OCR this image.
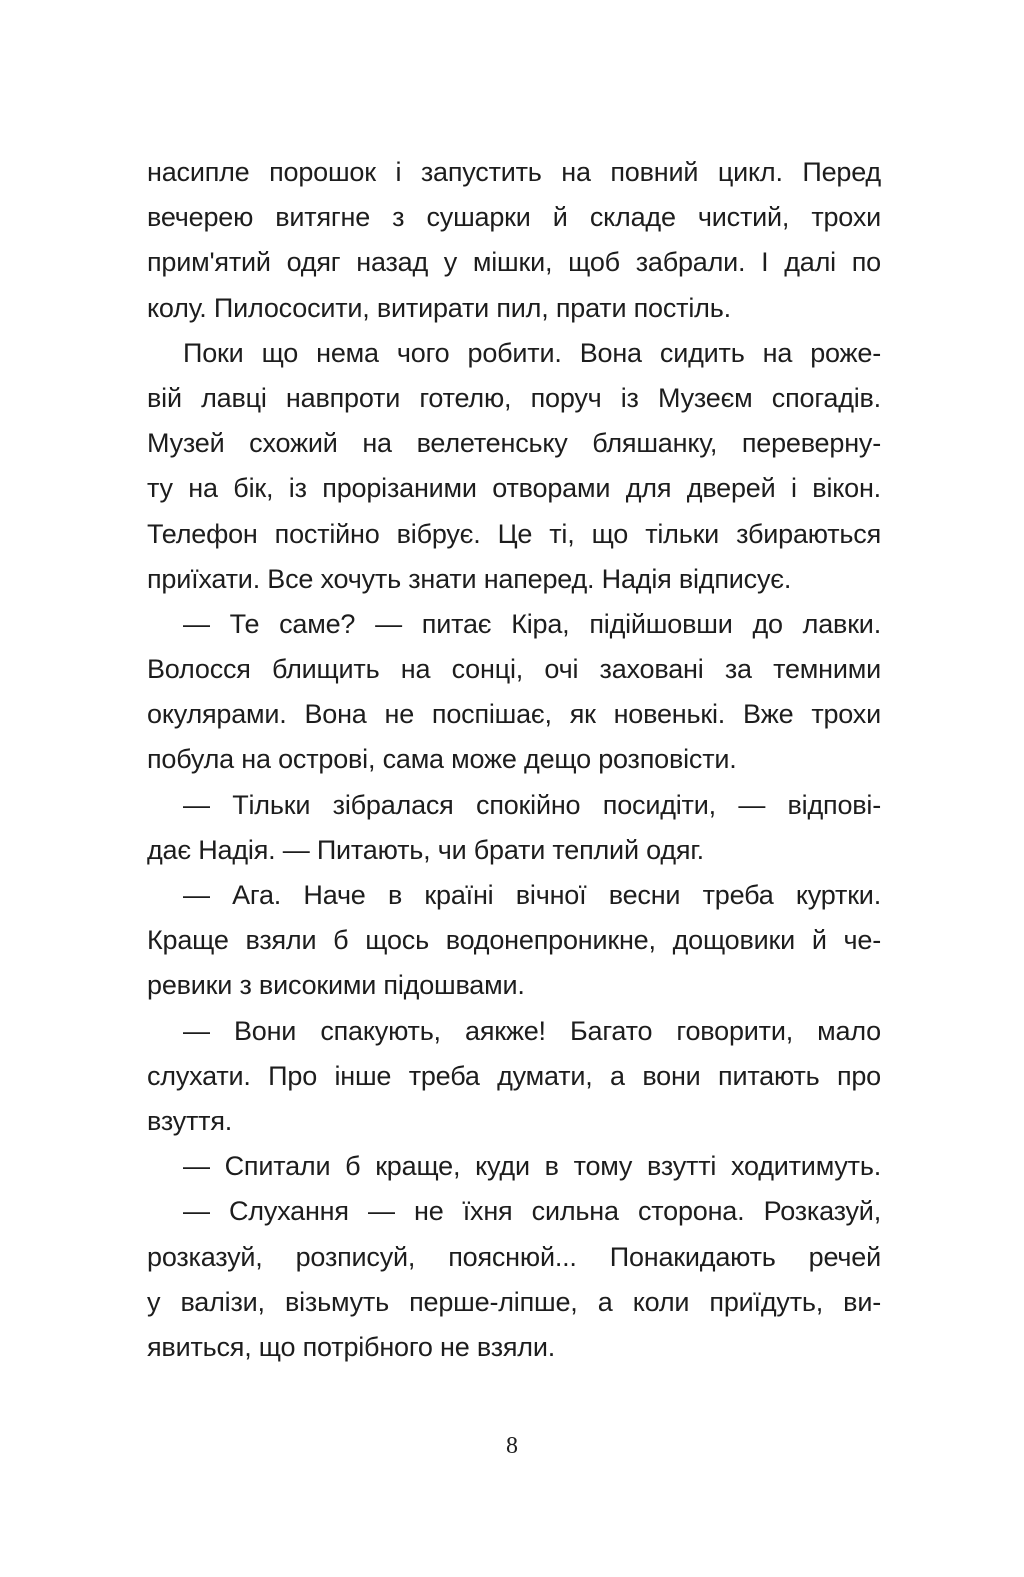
насипле порошок і запустить на повний цикл. Перед
вечерею витягне з сушарки й складе чистий, трохи
прим'ятий одяг назад у мішки, щоб забрали. І далі по
колу. Пилососити, витирати пил, прати постіль.
Поки що нема чого робити. Вона сидить на роже-
вій лавці навпроти готелю, поруч із Музеєм спогадів.
Музей схожий на велетенську бляшанку, переверну-
ту на бік, із прорізаними отворами для дверей і вікон.
Телефон постійно вібрує. Це ті, що тільки збираються
приїхати. Все хочуть знати наперед. Надія відписує.
— Те саме? — питає Кіра, підійшовши до лавки.
Волосся блищить на сонці, очі заховані за темними
окулярами. Вона не поспішає, як новенькі. Вже трохи
побула на острові, сама може дещо розповісти.
— Тільки зібралася спокійно посидіти, — відпові-
дає Надія. — Питають, чи брати теплий одяг.
— Ага. Наче в країні вічної весни треба куртки.
Краще взяли б щось водонепроникне, дощовики й че-
ревики з високими підошвами.
— Вони спакують, аякже! Багато говорити, мало
слухати. Про інше треба думати, а вони питають про
взуття.
— Спитали б краще, куди в тому взутті ходитимуть.
— Слухання — не їхня сильна сторона. Розказуй,
розказуй, розписуй, пояснюй... Понакидають речей
у валізи, візьмуть перше-ліпше, а коли приїдуть, ви-
явиться, що потрібного не взяли.
8
